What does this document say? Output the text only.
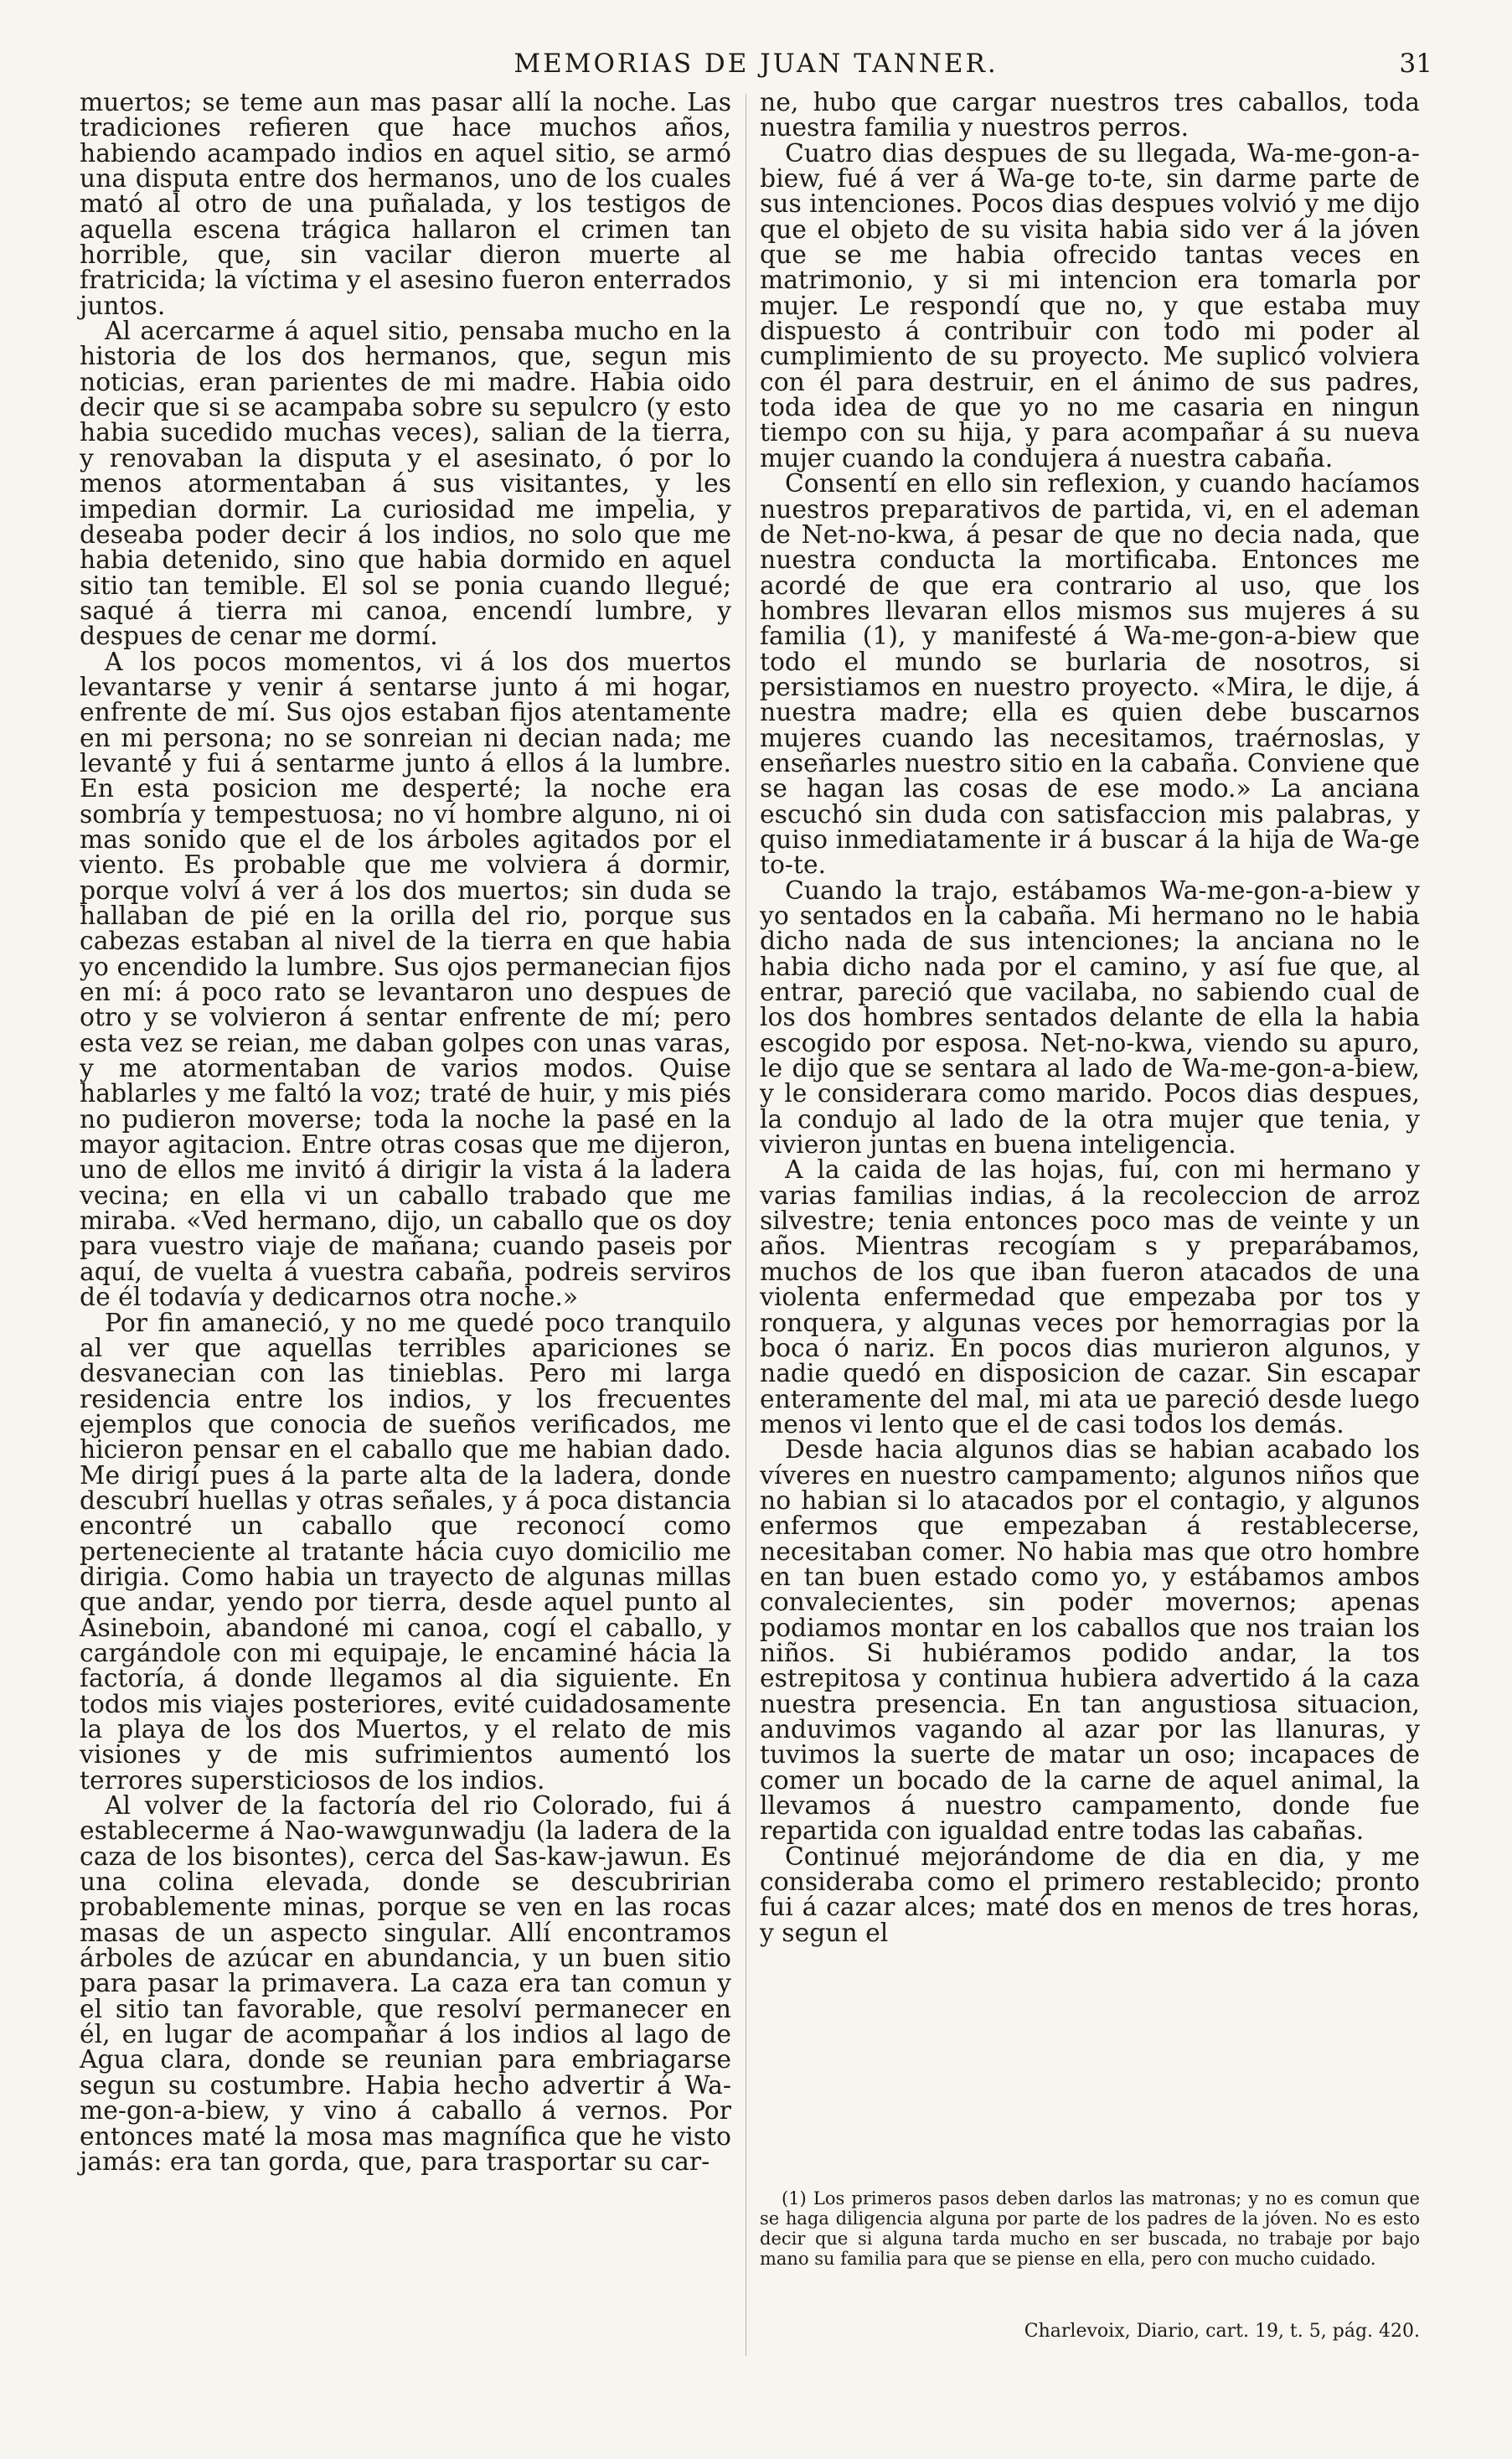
MEMORIAS DE JUAN TANNER.	31

muertos; se teme aun mas pasar allí la noche. Las tradiciones refieren que hace muchos años, habiendo acampado indios en aquel sitio, se armó una disputa entre dos hermanos, uno de los cuales mató al otro de una puñalada, y los testigos de aquella escena trágica hallaron el crimen tan horrible, que, sin vacilar dieron muerte al fratricida; la víctima y el asesino fueron enterrados juntos.

Al acercarme á aquel sitio, pensaba mucho en la historia de los dos hermanos, que, segun mis noticias, eran parientes de mi madre. Habia oido decir que si se acampaba sobre su sepulcro (y esto habia sucedido muchas veces), salian de la tierra, y renovaban la disputa y el asesinato, ó por lo menos atormentaban á sus visitantes, y les impedian dormir. La curiosidad me impelia, y deseaba poder decir á los indios, no solo que me habia detenido, sino que habia dormido en aquel sitio tan temible. El sol se ponia cuando llegué; saqué á tierra mi canoa, encendí lumbre, y despues de cenar me dormí.

A los pocos momentos, vi á los dos muertos levantarse y venir á sentarse junto á mi hogar, enfrente de mí. Sus ojos estaban fijos atentamente en mi persona; no se sonreian ni decian nada; me levanté y fui á sentarme junto á ellos á la lumbre. En esta posicion me desperté; la noche era sombría y tempestuosa; no ví hombre alguno, ni oi mas sonido que el de los árboles agitados por el viento. Es probable que me volviera á dormir, porque volví á ver á los dos muertos; sin duda se hallaban de pié en la orilla del rio, porque sus cabezas estaban al nivel de la tierra en que habia yo encendido la lumbre. Sus ojos permanecian fijos en mí: á poco rato se levantaron uno despues de otro y se volvieron á sentar enfrente de mí; pero esta vez se reian, me daban golpes con unas varas, y me atormentaban de varios modos. Quise hablarles y me faltó la voz; traté de huir, y mis piés no pudieron moverse; toda la noche la pasé en la mayor agitacion. Entre otras cosas que me dijeron, uno de ellos me invitó á dirigir la vista á la ladera vecina; en ella vi un caballo trabado que me miraba. «Ved hermano, dijo, un caballo que os doy para vuestro viaje de mañana; cuando paseis por aquí, de vuelta á vuestra cabaña, podreis serviros de él todavía y dedicarnos otra noche.»

Por fin amaneció, y no me quedé poco tranquilo al ver que aquellas terribles apariciones se desvanecian con las tinieblas. Pero mi larga residencia entre los indios, y los frecuentes ejemplos que conocia de sueños verificados, me hicieron pensar en el caballo que me habian dado. Me dirigí pues á la parte alta de la ladera, donde descubrí huellas y otras señales, y á poca distancia encontré un caballo que reconocí como perteneciente al tratante hácia cuyo domicilio me dirigia. Como habia un trayecto de algunas millas que andar, yendo por tierra, desde aquel punto al Asineboin, abandoné mi canoa, cogí el caballo, y cargándole con mi equipaje, le encaminé hácia la factoría, á donde llegamos al dia siguiente. En todos mis viajes posteriores, evité cuidadosamente la playa de los dos Muertos, y el relato de mis visiones y de mis sufrimientos aumentó los terrores supersticiosos de los indios.

Al volver de la factoría del rio Colorado, fui á establecerme á Nao-wawgunwadju (la ladera de la caza de los bisontes), cerca del Sas-kaw-jawun. Es una colina elevada, donde se descubririan probablemente minas, porque se ven en las rocas masas de un aspecto singular. Allí encontramos árboles de azúcar en abundancia, y un buen sitio para pasar la primavera. La caza era tan comun y el sitio tan favorable, que resolví permanecer en él, en lugar de acompañar á los indios al lago de Agua clara, donde se reunian para embriagarse segun su costumbre. Habia hecho advertir á Wa-me-gon-a-biew, y vino á caballo á vernos. Por entonces maté la mosa mas magnífica que he visto jamás: era tan gorda, que, para trasportar su car-

ne, hubo que cargar nuestros tres caballos, toda nuestra familia y nuestros perros.

Cuatro dias despues de su llegada, Wa-me-gon-a-biew, fué á ver á Wa-ge to-te, sin darme parte de sus intenciones. Pocos dias despues volvió y me dijo que el objeto de su visita habia sido ver á la jóven que se me habia ofrecido tantas veces en matrimonio, y si mi intencion era tomarla por mujer. Le respondí que no, y que estaba muy dispuesto á contribuir con todo mi poder al cumplimiento de su proyecto. Me suplicó volviera con él para destruir, en el ánimo de sus padres, toda idea de que yo no me casaria en ningun tiempo con su hija, y para acompañar á su nueva mujer cuando la condujera á nuestra cabaña.

Consentí en ello sin reflexion, y cuando hacíamos nuestros preparativos de partida, vi, en el ademan de Net-no-kwa, á pesar de que no decia nada, que nuestra conducta la mortificaba. Entonces me acordé de que era contrario al uso, que los hombres llevaran ellos mismos sus mujeres á su familia (1), y manifesté á Wa-me-gon-a-biew que todo el mundo se burlaria de nosotros, si persistiamos en nuestro proyecto. «Mira, le dije, á nuestra madre; ella es quien debe buscarnos mujeres cuando las necesitamos, traérnoslas, y enseñarles nuestro sitio en la cabaña. Conviene que se hagan las cosas de ese modo.» La anciana escuchó sin duda con satisfaccion mis palabras, y quiso inmediatamente ir á buscar á la hija de Wa-ge to-te.

Cuando la trajo, estábamos Wa-me-gon-a-biew y yo sentados en la cabaña. Mi hermano no le habia dicho nada de sus intenciones; la anciana no le habia dicho nada por el camino, y así fue que, al entrar, pareció que vacilaba, no sabiendo cual de los dos hombres sentados delante de ella la habia escogido por esposa. Net-no-kwa, viendo su apuro, le dijo que se sentara al lado de Wa-me-gon-a-biew, y le considerara como marido. Pocos dias despues, la condujo al lado de la otra mujer que tenia, y vivieron juntas en buena inteligencia.

A la caida de las hojas, fuí, con mi hermano y varias familias indias, á la recoleccion de arroz silvestre; tenia entonces poco mas de veinte y un años. Mientras recogíam s y preparábamos, muchos de los que iban fueron atacados de una violenta enfermedad que empezaba por tos y ronquera, y algunas veces por hemorragias por la boca ó nariz. En pocos dias murieron algunos, y nadie quedó en disposicion de cazar. Sin escapar enteramente del mal, mi ata ue pareció desde luego menos vi lento que el de casi todos los demás.

Desde hacia algunos dias se habian acabado los víveres en nuestro campamento; algunos niños que no habian si lo atacados por el contagio, y algunos enfermos que empezaban á restablecerse, necesitaban comer. No habia mas que otro hombre en tan buen estado como yo, y estábamos ambos convalecientes, sin poder movernos; apenas podiamos montar en los caballos que nos traian los niños. Si hubiéramos podido andar, la tos estrepitosa y continua hubiera advertido á la caza nuestra presencia. En tan angustiosa situacion, anduvimos vagando al azar por las llanuras, y tuvimos la suerte de matar un oso; incapaces de comer un bocado de la carne de aquel animal, la llevamos á nuestro campamento, donde fue repartida con igualdad entre todas las cabañas.

Continué mejorándome de dia en dia, y me consideraba como el primero restablecido; pronto fui á cazar alces; maté dos en menos de tres horas, y segun el

(1) Los primeros pasos deben darlos las matronas; y no es comun que se haga diligencia alguna por parte de los padres de la jóven. No es esto decir que si alguna tarda mucho en ser buscada, no trabaje por bajo mano su familia para que se piense en ella, pero con mucho cuidado.

Charlevoix, Diario, cart. 19, t. 5, pág. 420.
